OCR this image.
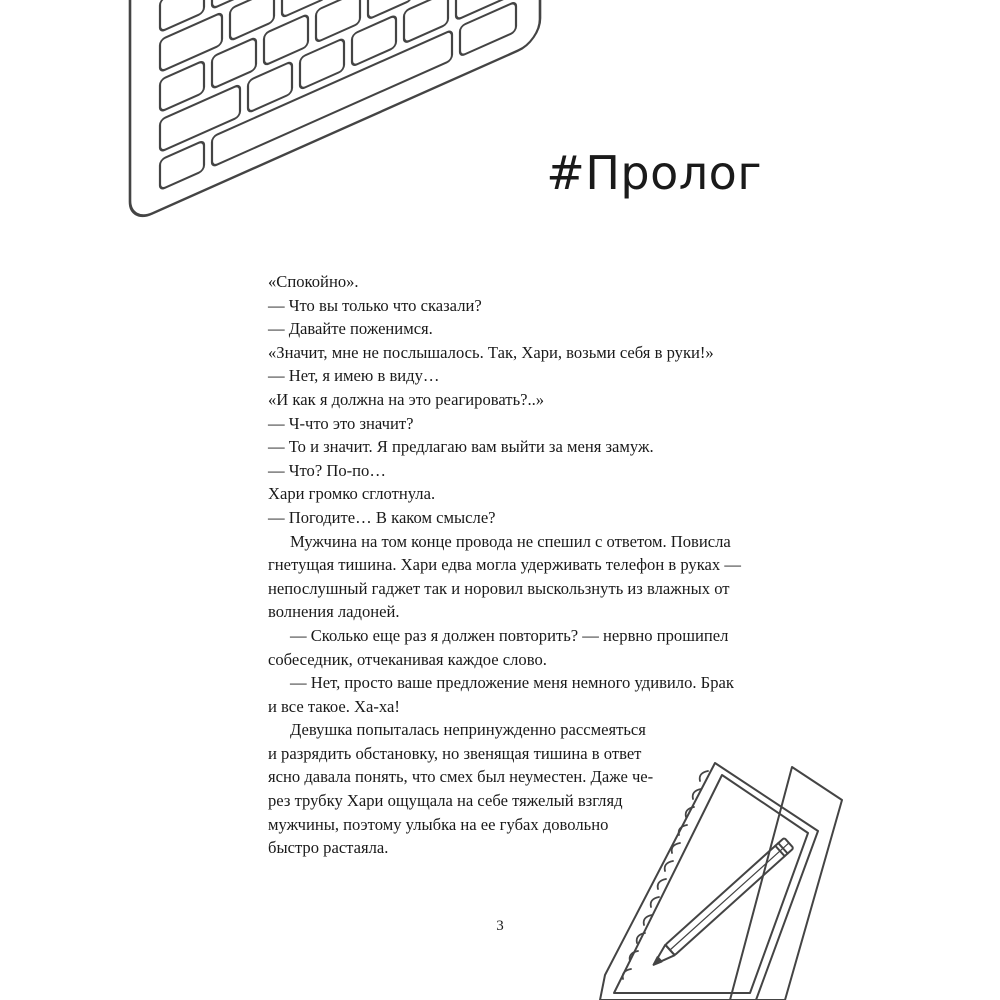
#Пролог

«Спокойно».

— Что вы только что сказали?

— Давайте поженимся.

«Значит, мне не послышалось. Так, Хари, возьми себя в руки!»

— Нет, я имею в виду…

«И как я должна на это реагировать?..»

— Ч-что это значит?

— То и значит. Я предлагаю вам выйти за меня замуж.

— Что? По-по…

Хари громко сглотнула.

— Погодите… В каком смысле?

Мужчина на том конце провода не спешил с ответом. Повисла
гнетущая тишина. Хари едва могла удерживать телефон в руках —
непослушный гаджет так и норовил выскользнуть из влажных от
волнения ладоней.

— Сколько еще раз я должен повторить? — нервно прошипел
собеседник, отчеканивая каждое слово.

— Нет, просто ваше предложение меня немного удивило. Брак
и все такое. Ха-ха!

Девушка попыталась непринужденно рассмеяться
и разрядить обстановку, но звенящая тишина в ответ
ясно давала понять, что смех был неуместен. Даже че-
рез трубку Хари ощущала на себе тяжелый взгляд
мужчины, поэтому улыбка на ее губах довольно
быстро растаяла.

3
